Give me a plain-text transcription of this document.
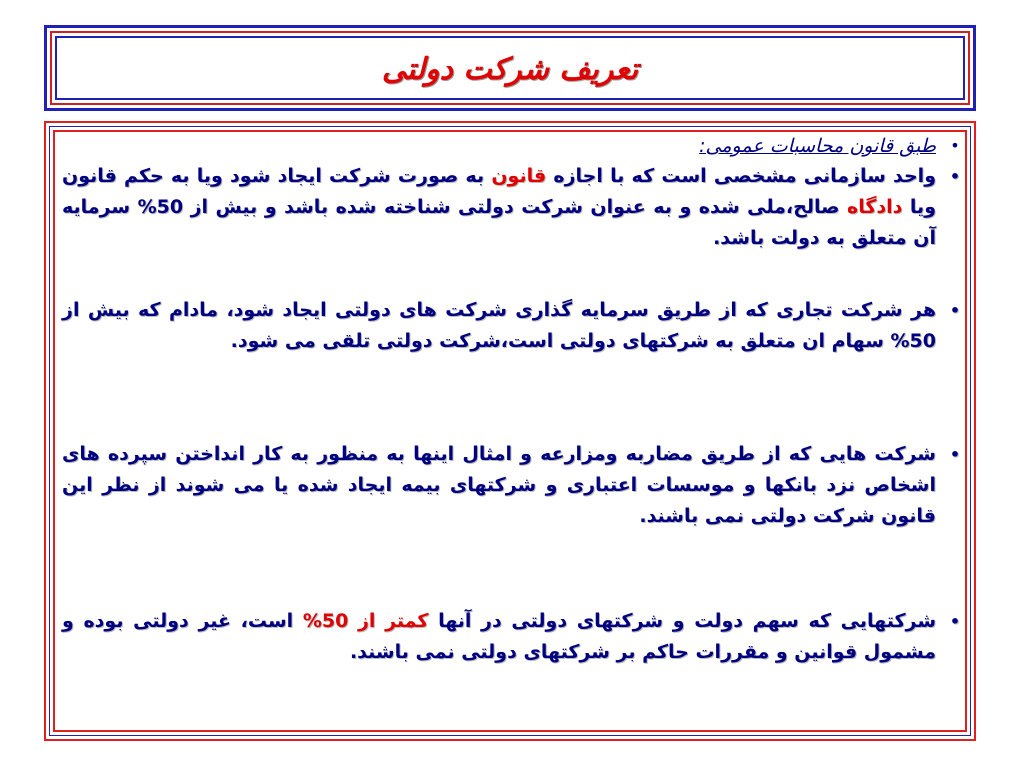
تعریف شرکت دولتی
•
طبق قانون محاسبات عمومی:
•
واحد سازمانی مشخصی است که با اجازه قانون به صورت شرکت ایجاد شود ویا به حکم قانون ویا دادگاه صالح،ملی شده و به عنوان شرکت دولتی شناخته شده باشد و بیش از 50% سرمایه آن متعلق به دولت باشد.
•
هر شرکت تجاری که از طریق سرمایه گذاری شرکت های دولتی ایجاد شود، مادام که بیش از 50% سهام ان متعلق به شرکتهای دولتی است،شرکت دولتی تلقی می شود.
•
شرکت هایی که از طریق مضاربه ومزارعه و امثال اینها به منظور به کار انداختن سپرده های اشخاص نزد بانکها و موسسات اعتباری و شرکتهای بیمه ایجاد شده یا می شوند از نظر این قانون شرکت دولتی نمی باشند.
•
شرکتهایی که سهم دولت و شرکتهای دولتی در آنها کمتر از 50% است، غیر دولتی بوده و مشمول قوانین و مقررات حاکم بر شرکتهای دولتی نمی باشند.
